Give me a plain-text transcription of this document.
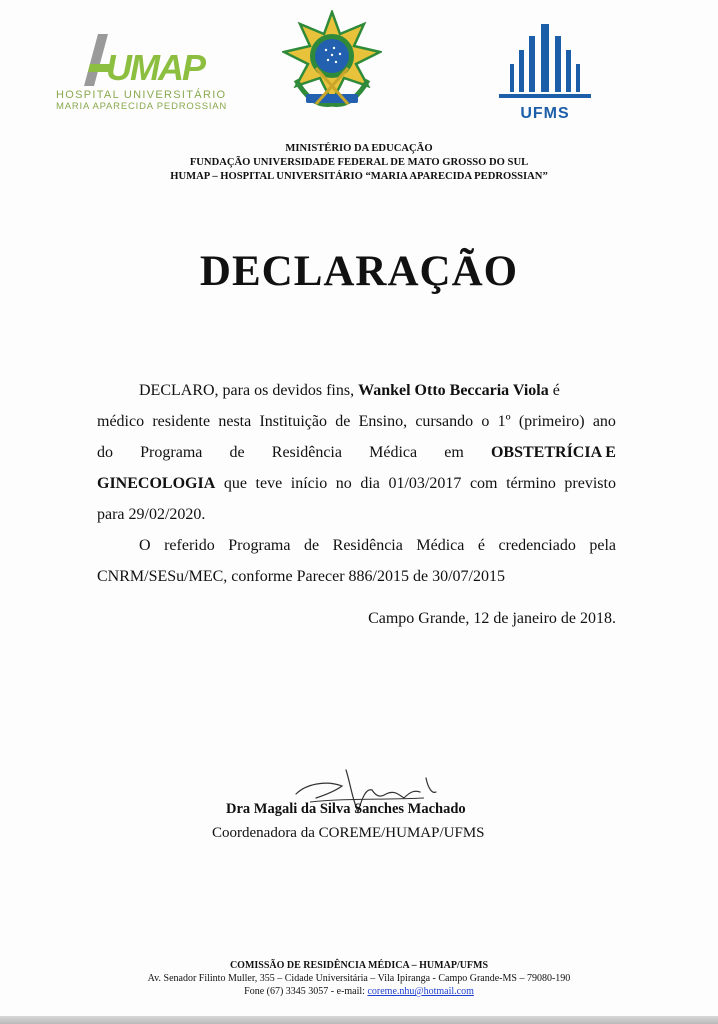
UMAP
HOSPITAL UNIVERSITÁRIO
MARIA APARECIDA PEDROSSIAN	UFMS
MINISTÉRIO DA EDUCAÇÃO
FUNDAÇÃO UNIVERSIDADE FEDERAL DE MATO GROSSO DO SUL
HUMAP – HOSPITAL UNIVERSITÁRIO “MARIA APARECIDA PEDROSSIAN”
DECLARAÇÃO
DECLARO, para os devidos fins, Wankel Otto Beccaria Viola é
médico residente nesta Instituição de Ensino, cursando o 1º (primeiro) ano
do Programa de Residência Médica em OBSTETRÍCIA E
GINECOLOGIA que teve início no dia 01/03/2017 com término previsto
para 29/02/2020.
O referido Programa de Residência Médica é credenciado pela
CNRM/SESu/MEC, conforme Parecer 886/2015 de 30/07/2015
Campo Grande, 12 de janeiro de 2018.
Dra Magali da Silva Sanches Machado
Coordenadora da COREME/HUMAP/UFMS
COMISSÃO DE RESIDÊNCIA MÉDICA – HUMAP/UFMS
Av. Senador Filinto Muller, 355 – Cidade Universitária – Vila Ipiranga - Campo Grande-MS – 79080-190
Fone (67) 3345 3057 - e-mail: coreme.nhu@hotmail.com
